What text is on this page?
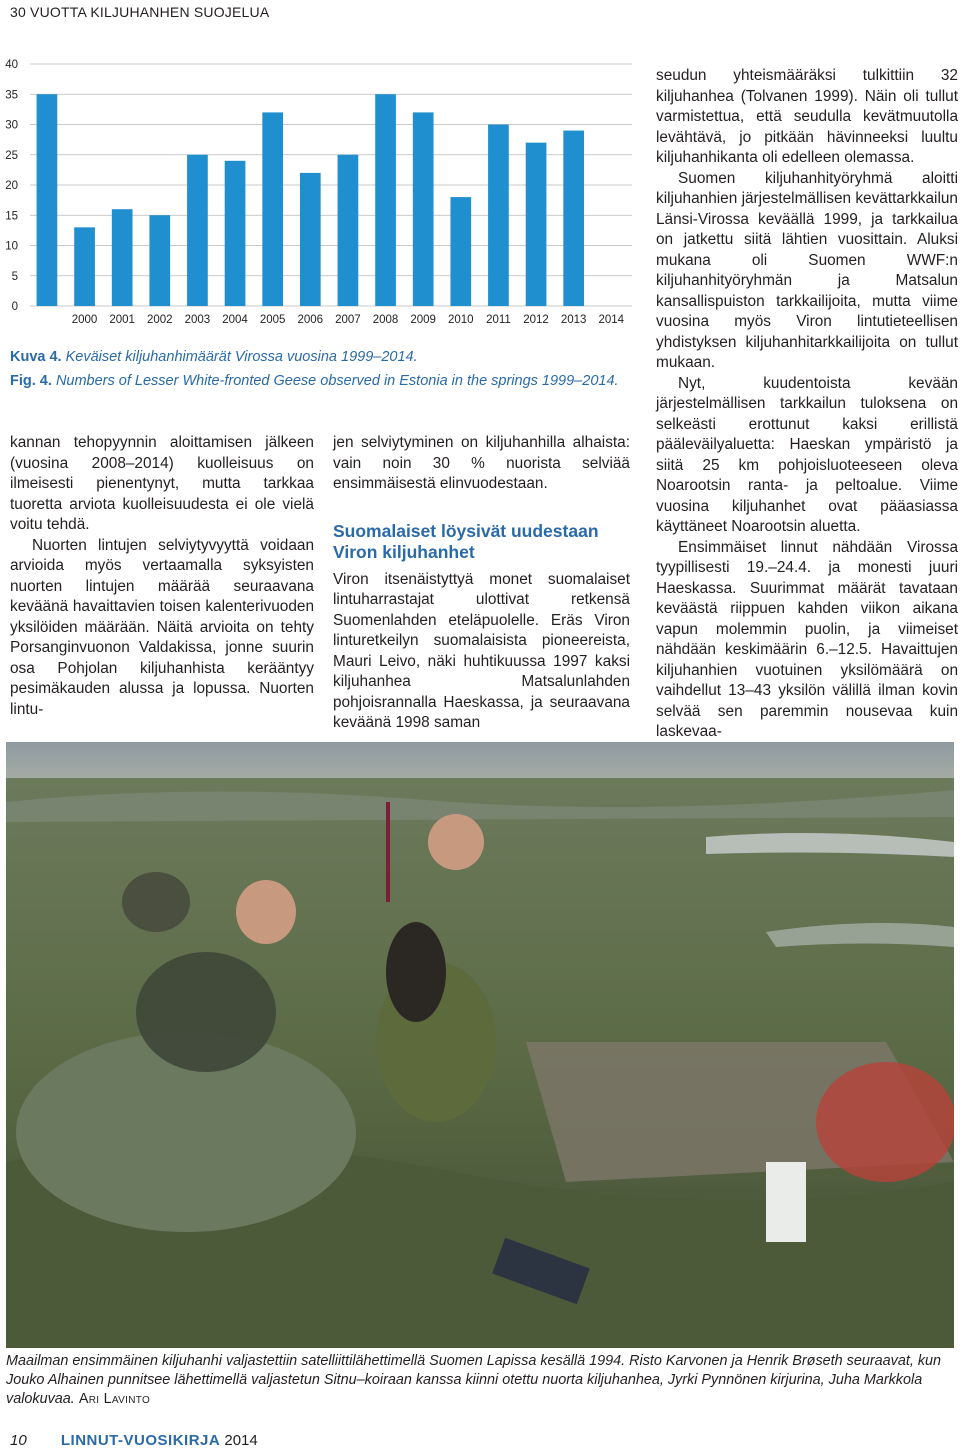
30 VUOTTA KILJUHANHEN SUOJELUA
0
5
10
15
20
25
30
35
40
2000 2001 2002 2003 2004 2005 2006 2007 2008 2009 2010 2011 2012 2013 2014
Kuva 4. Keväiset kiljuhanhimäärät Virossa vuosina 1999–2014.
Fig. 4. Numbers of Lesser White-fronted Geese observed in Estonia in the springs 1999–2014.

seudun yhteismääräksi tulkittiin 32 kiljuhanhea (Tolvanen 1999). Näin oli tullut varmistettua, että seudulla kevätmuutolla levähtävä, jo pitkään hävinneeksi luultu kiljuhanhikanta oli edelleen olemassa.

Suomen kiljuhanhityöryhmä aloitti kiljuhanhien järjestelmällisen kevättarkkailun Länsi-Virossa keväällä 1999, ja tarkkailua on jatkettu siitä lähtien vuosittain. Aluksi mukana oli Suomen WWF:n kiljuhanhityöryhmän ja Matsalun kansallispuiston tarkkailijoita, mutta viime vuosina myös Viron lintutieteellisen yhdistyksen kiljuhanhitarkkailijoita on tullut mukaan.

Nyt, kuudentoista kevään järjestelmällisen tarkkailun tuloksena on selkeästi erottunut kaksi erillistä pääleväilyaluetta: Haeskan ympäristö ja siitä 25 km pohjoisluoteeseen oleva Noarootsin ranta- ja peltoalue. Viime vuosina kiljuhanhet ovat pääasiassa käyttäneet Noarootsin aluetta.

Ensimmäiset linnut nähdään Virossa tyypillisesti 19.–24.4. ja monesti juuri Haeskassa. Suurimmat määrät tavataan keväästä riippuen kahden viikon aikana vapun molemmin puolin, ja viimeiset nähdään keskimäärin 6.–12.5. Havaittujen kiljuhanhien vuotuinen yksilömäärä on vaihdellut 13–43 yksilön välillä ilman kovin selvää sen paremmin nousevaa kuin laskevaa-

kannan tehopyynnin aloittamisen jälkeen (vuosina 2008–2014) kuolleisuus on ilmeisesti pienentynyt, mutta tarkkaa tuoretta arviota kuolleisuudesta ei ole vielä voitu tehdä.

Nuorten lintujen selviytyvyyttä voidaan arvioida myös vertaamalla syksyisten nuorten lintujen määrää seuraavana keväänä havaittavien toisen kalenterivuoden yksilöiden määrään. Näitä arvioita on tehty Porsanginvuonon Valdakissa, jonne suurin osa Pohjolan kiljuhanhista kerääntyy pesimäkauden alussa ja lopussa. Nuorten lintu-

jen selviytyminen on kiljuhanhilla alhaista: vain noin 30 % nuorista selviää ensimmäisestä elinvuodestaan.

Suomalaiset löysivät uudestaan Viron kiljuhanhet

Viron itsenäistyttyä monet suomalaiset lintuharrastajat ulottivat retkensä Suomenlahden eteläpuolelle. Eräs Viron linturetkeilyn suomalaisista pioneereista, Mauri Leivo, näki huhtikuussa 1997 kaksi kiljuhanhea Matsalunlahden pohjoisrannalla Haeskassa, ja seuraavana keväänä 1998 saman

Maailman ensimmäinen kiljuhanhi valjastettiin satelliittilähettimellä Suomen Lapissa kesällä 1994. Risto Karvonen ja Henrik Brøseth seuraavat, kun Jouko Alhainen punnitsee lähettimellä valjastetun Sitnu–koiraan kanssa kiinni otettu nuorta kiljuhanhea, Jyrki Pynnönen kirjurina, Juha Markkola valokuvaa. Ari Lavinto
10 LINNUT-VUOSIKIRJA 2014
